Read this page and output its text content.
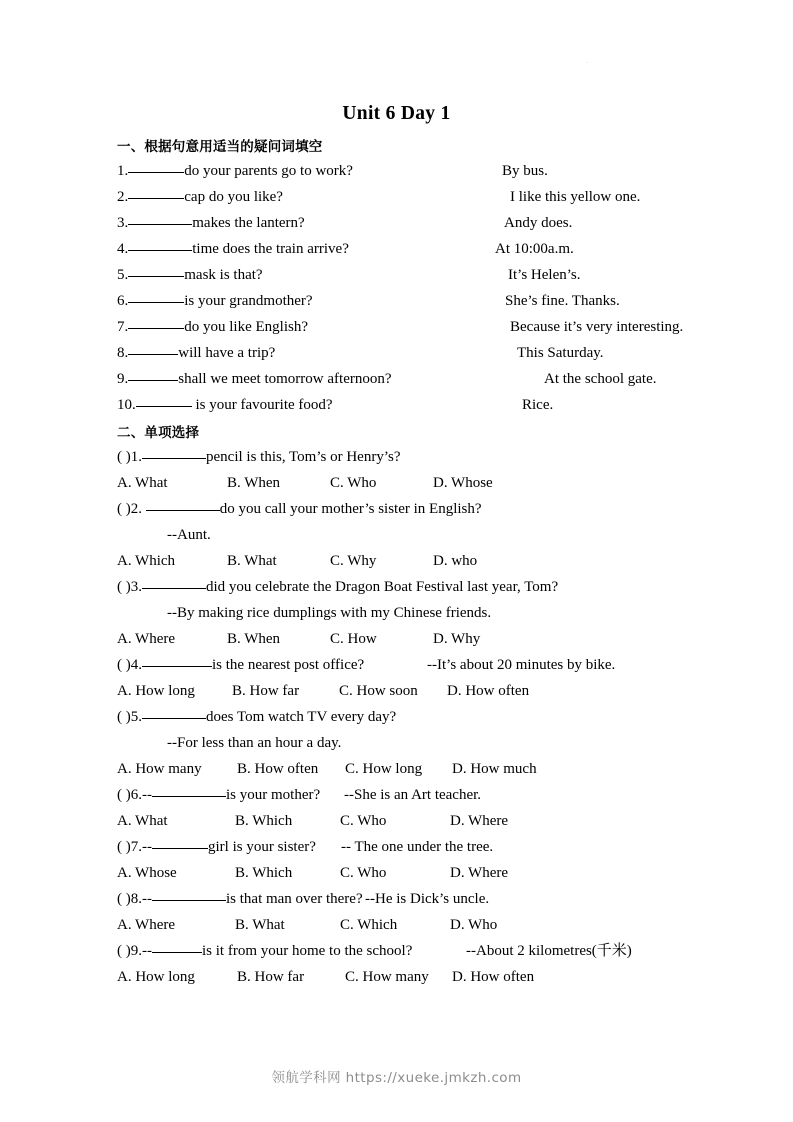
·
Unit 6 Day 1
一、根据句意用适当的疑问词填空
1.	do your parents go to work?	By bus.
2.	cap do you like?	I like this yellow one.
3.	makes the lantern?	Andy does.
4.	time does the train arrive?	At 10:00a.m.
5.	mask is that?	It’s Helen’s.
6.	is your grandmother?	She’s fine. Thanks.
7.	do you like English?	Because it’s very interesting.
8.	will have a trip?	This Saturday.
9.	shall we meet tomorrow afternoon?	At the school gate.
10.	is your favourite food?	Rice.
二、单项选择
( )1.	pencil is this, Tom’s or Henry’s?
A. What	B. When	C. Who	D. Whose
( )2.	do you call your mother’s sister in English?
--Aunt.
A. Which	B. What	C. Why	D. who
( )3.	did you celebrate the Dragon Boat Festival last year, Tom?
--By making rice dumplings with my Chinese friends.
A. Where	B. When	C. How	D. Why
( )4.	is the nearest post office?	--It’s about 20 minutes by bike.
A. How long B. How far	C. How soon D. How often
( )5.	does Tom watch TV every day?
--For less than an hour a day.
A. How many B. How often C. How long D. How much
( )6.--	is your mother? --She is an Art teacher.
A. What	B. Which	C. Who	D. Where
( )7.--	girl is your sister? -- The one under the tree.
A. Whose	B. Which	C. Who	D. Where
( )8.--	is that man over there? --He is Dick’s uncle.
A. Where	B. What	C. Which	D. Who
( )9.--	is it from your home to the school?	--About 2 kilometres(千米)
A. How long	B. How far	C. How many D. How often
领航学科网 https://xueke.jmkzh.com
